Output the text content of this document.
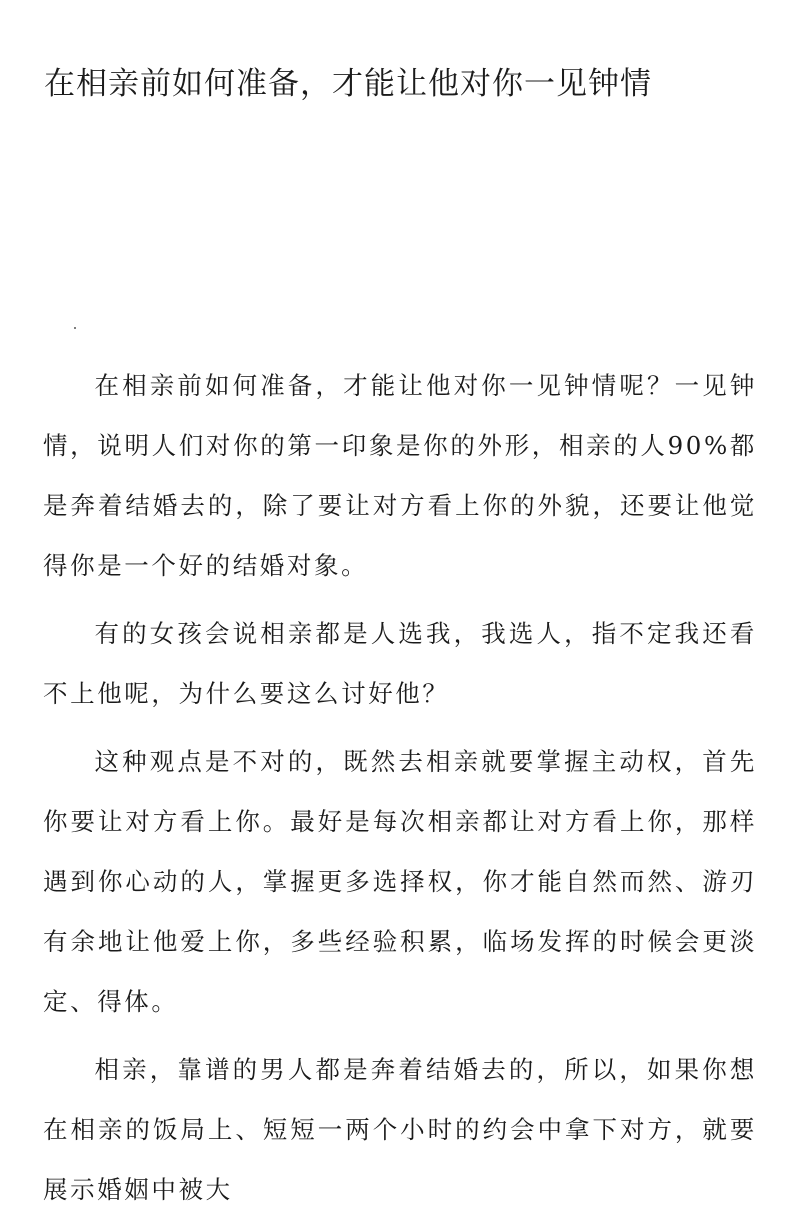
在相亲前如何准备，才能让他对你一见钟情

在相亲前如何准备，才能让他对你一见钟情呢？一见钟情，说明人们对你的第一印象是你的外形，相亲的人90%都是奔着结婚去的，除了要让对方看上你的外貌，还要让他觉得你是一个好的结婚对象。

有的女孩会说相亲都是人选我，我选人，指不定我还看不上他呢，为什么要这么讨好他？

这种观点是不对的，既然去相亲就要掌握主动权，首先你要让对方看上你。最好是每次相亲都让对方看上你，那样遇到你心动的人，掌握更多选择权，你才能自然而然、游刃有余地让他爱上你，多些经验积累，临场发挥的时候会更淡定、得体。

相亲，靠谱的男人都是奔着结婚去的，所以，如果你想在相亲的饭局上、短短一两个小时的约会中拿下对方，就要展示婚姻中被大
